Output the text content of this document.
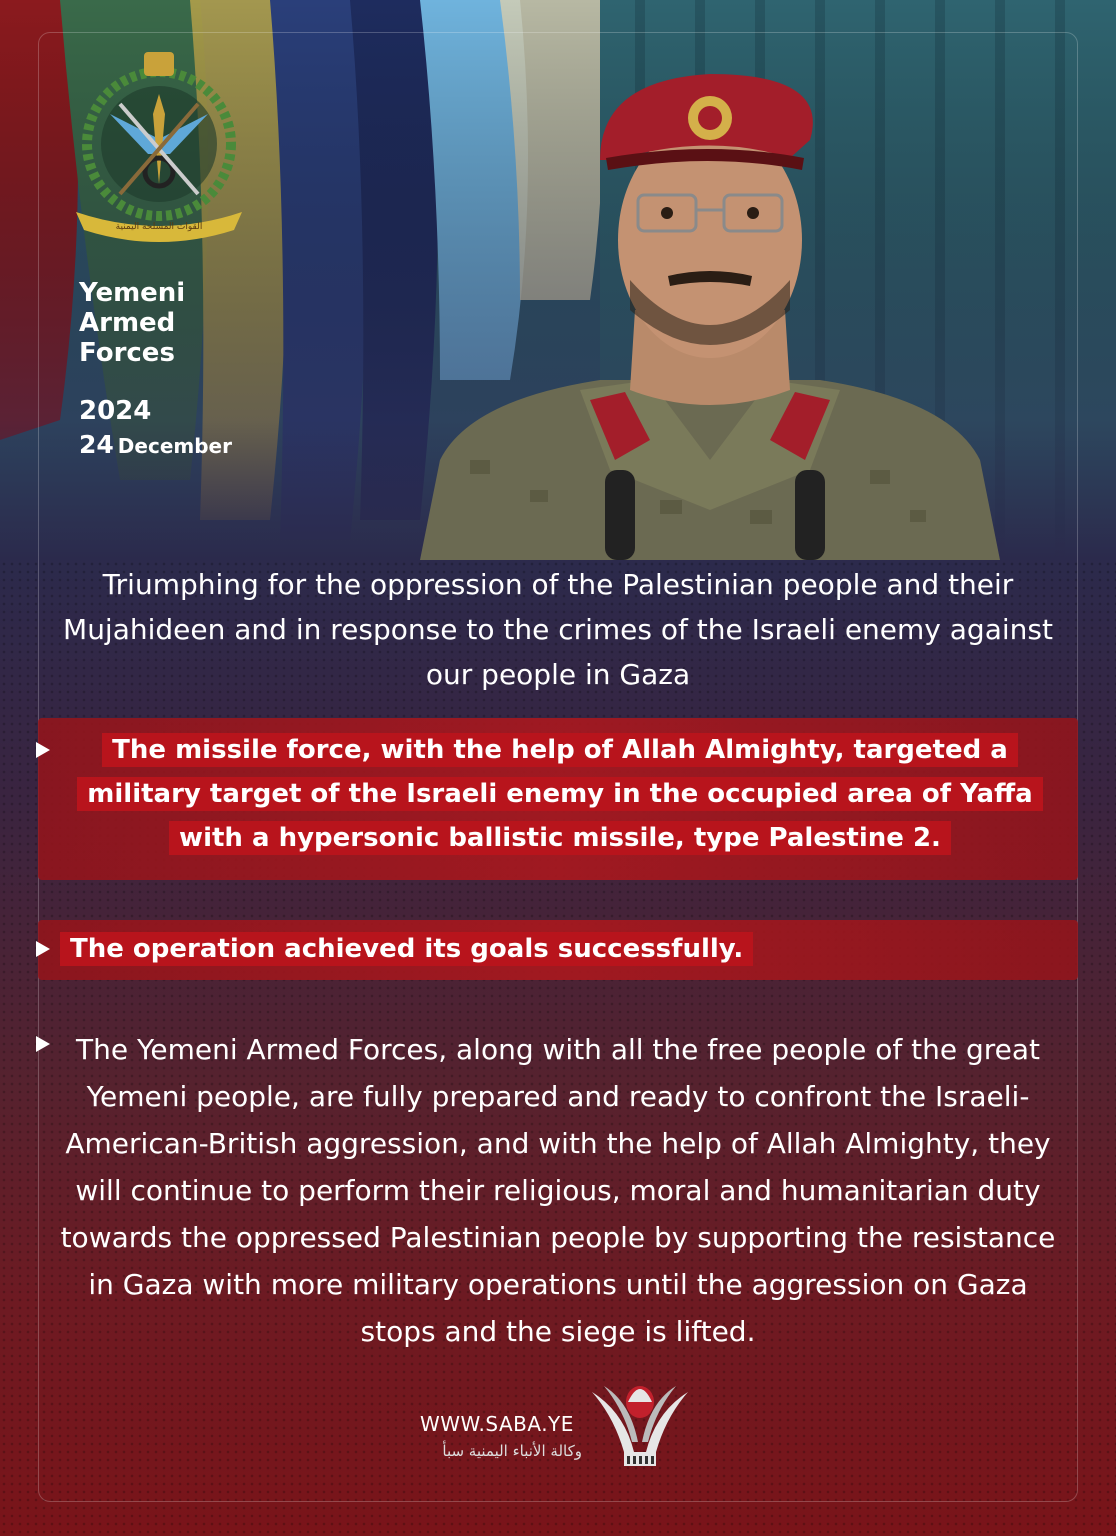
القوات المسلحة اليمنية
Yemeni
Armed
Forces
2024
24 December
Triumphing for the oppression of the Palestinian people and their Mujahideen and in response to the crimes of the Israeli enemy against our people in Gaza
The missile force, with the help of Allah Almighty, targeted a
military target of the Israeli enemy in the occupied area of Yaffa
with a hypersonic ballistic missile, type Palestine 2.
The operation achieved its goals successfully.
The Yemeni Armed Forces, along with all the free people of the great Yemeni people, are fully prepared and ready to confront the Israeli-American-British aggression, and with the help of Allah Almighty, they will continue to perform their religious, moral and humanitarian duty towards the oppressed Palestinian people by supporting the resistance in Gaza with more military operations until the aggression on Gaza stops and the siege is lifted.
WWW.SABA.YE
وكالة الأنباء اليمنية سبأ
